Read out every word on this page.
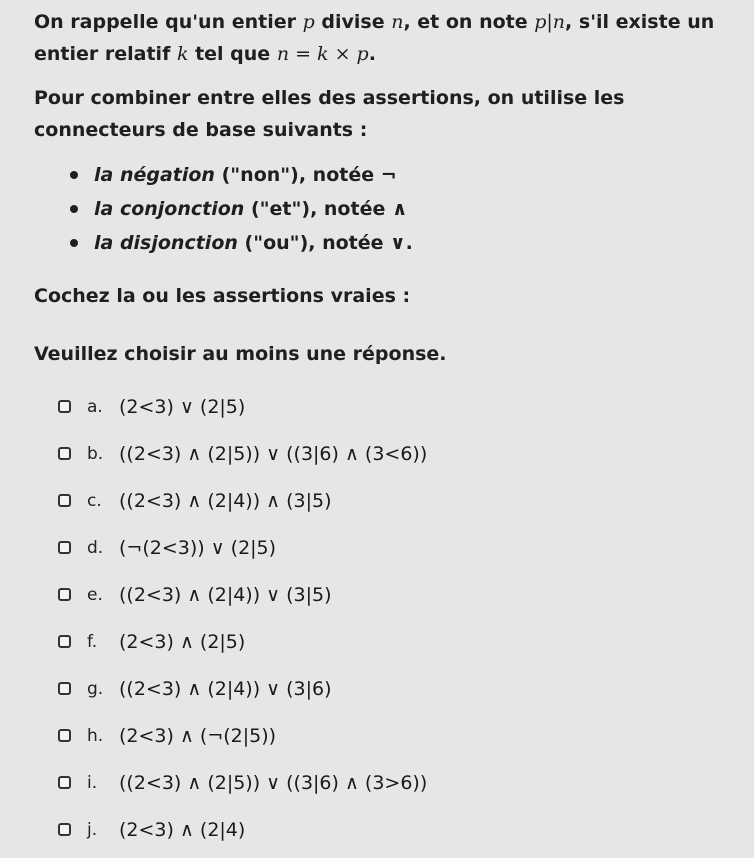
On rappelle qu'un entier p divise n, et on note p|n, s'il existe un entier relatif k tel que n = k × p.

Pour combiner entre elles des assertions, on utilise les connecteurs de base suivants :

la négation ("non"), notée ¬
la conjonction ("et"), notée ∧
la disjonction ("ou"), notée ∨.

Cochez la ou les assertions vraies :

Veuillez choisir au moins une réponse.

a. (2<3) ∨ (2|5)
b. ((2<3) ∧ (2|5)) ∨ ((3|6) ∧ (3<6))
c. ((2<3) ∧ (2|4)) ∧ (3|5)
d. (¬(2<3)) ∨ (2|5)
e. ((2<3) ∧ (2|4)) ∨ (3|5)
f.	(2<3) ∧ (2|5)
g. ((2<3) ∧ (2|4)) ∨ (3|6)
h. (2<3) ∧ (¬(2|5))
i.	((2<3) ∧ (2|5)) ∨ ((3|6) ∧ (3>6))
j.	(2<3) ∧ (2|4)
